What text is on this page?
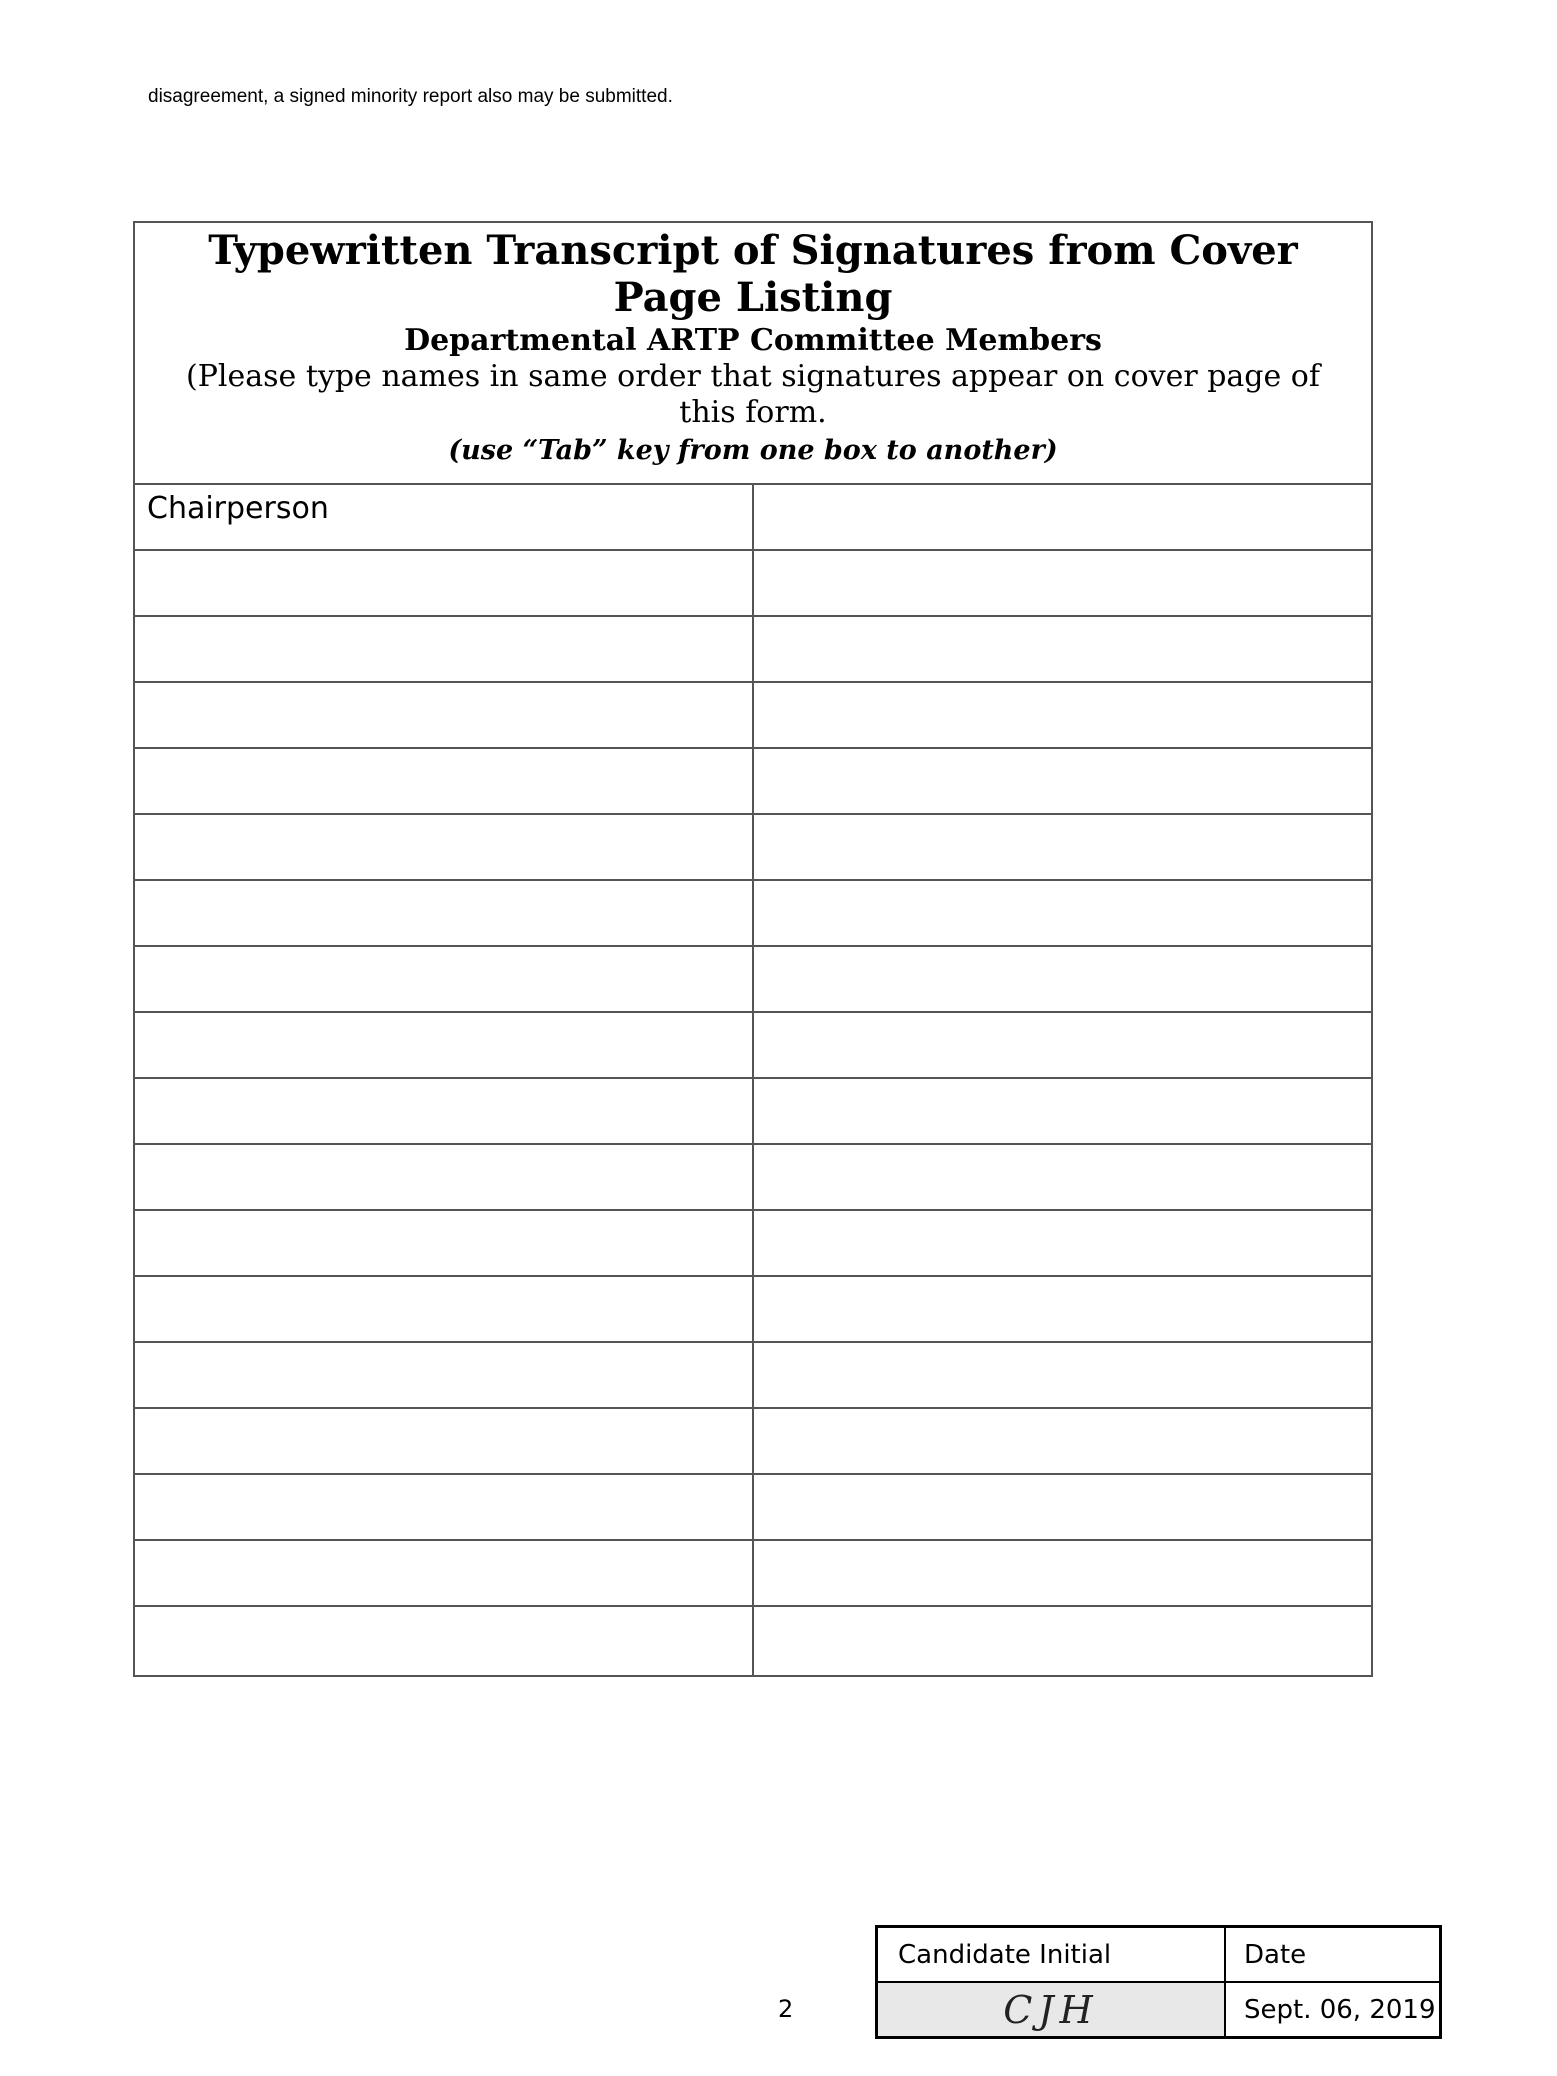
disagreement, a signed minority report also may be submitted.
Typewritten Transcript of Signatures from Cover Page Listing
Departmental ARTP Committee Members
(Please type names in same order that signatures appear on cover page of this form.
(use “Tab” key from one box to another)
Chairperson	

2
Candidate Initial	Date
CJH	Sept. 06, 2019
